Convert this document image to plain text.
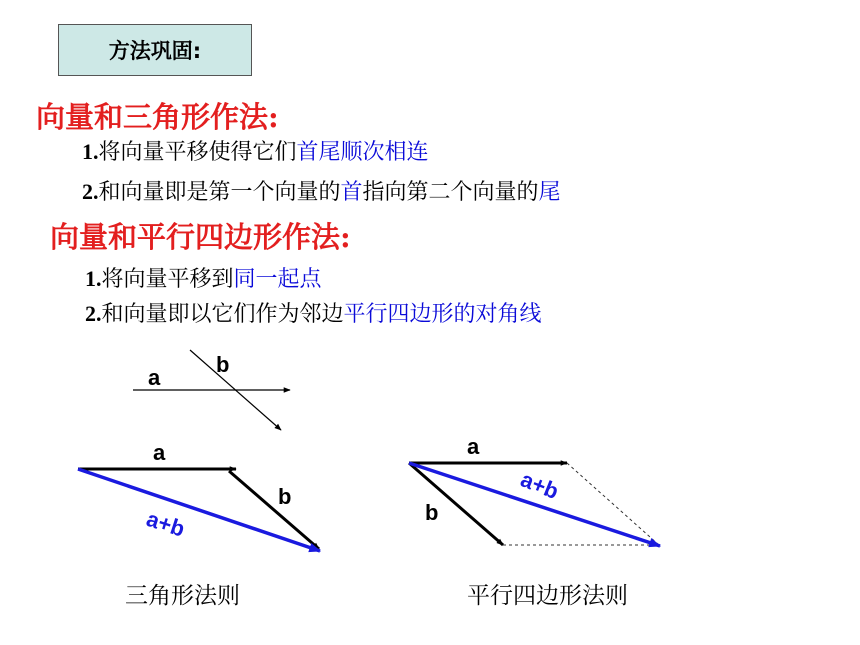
方法巩固:
向量和三角形作法:
1.将向量平移使得它们首尾顺次相连
2.和向量即是第一个向量的首指向第二个向量的尾
向量和平行四边形作法:
1.将向量平移到同一起点
2.和向量即以它们作为邻边平行四边形的对角线
a
b
a
b
a+b
a
b
a+b
三角形法则	平行四边形法则
